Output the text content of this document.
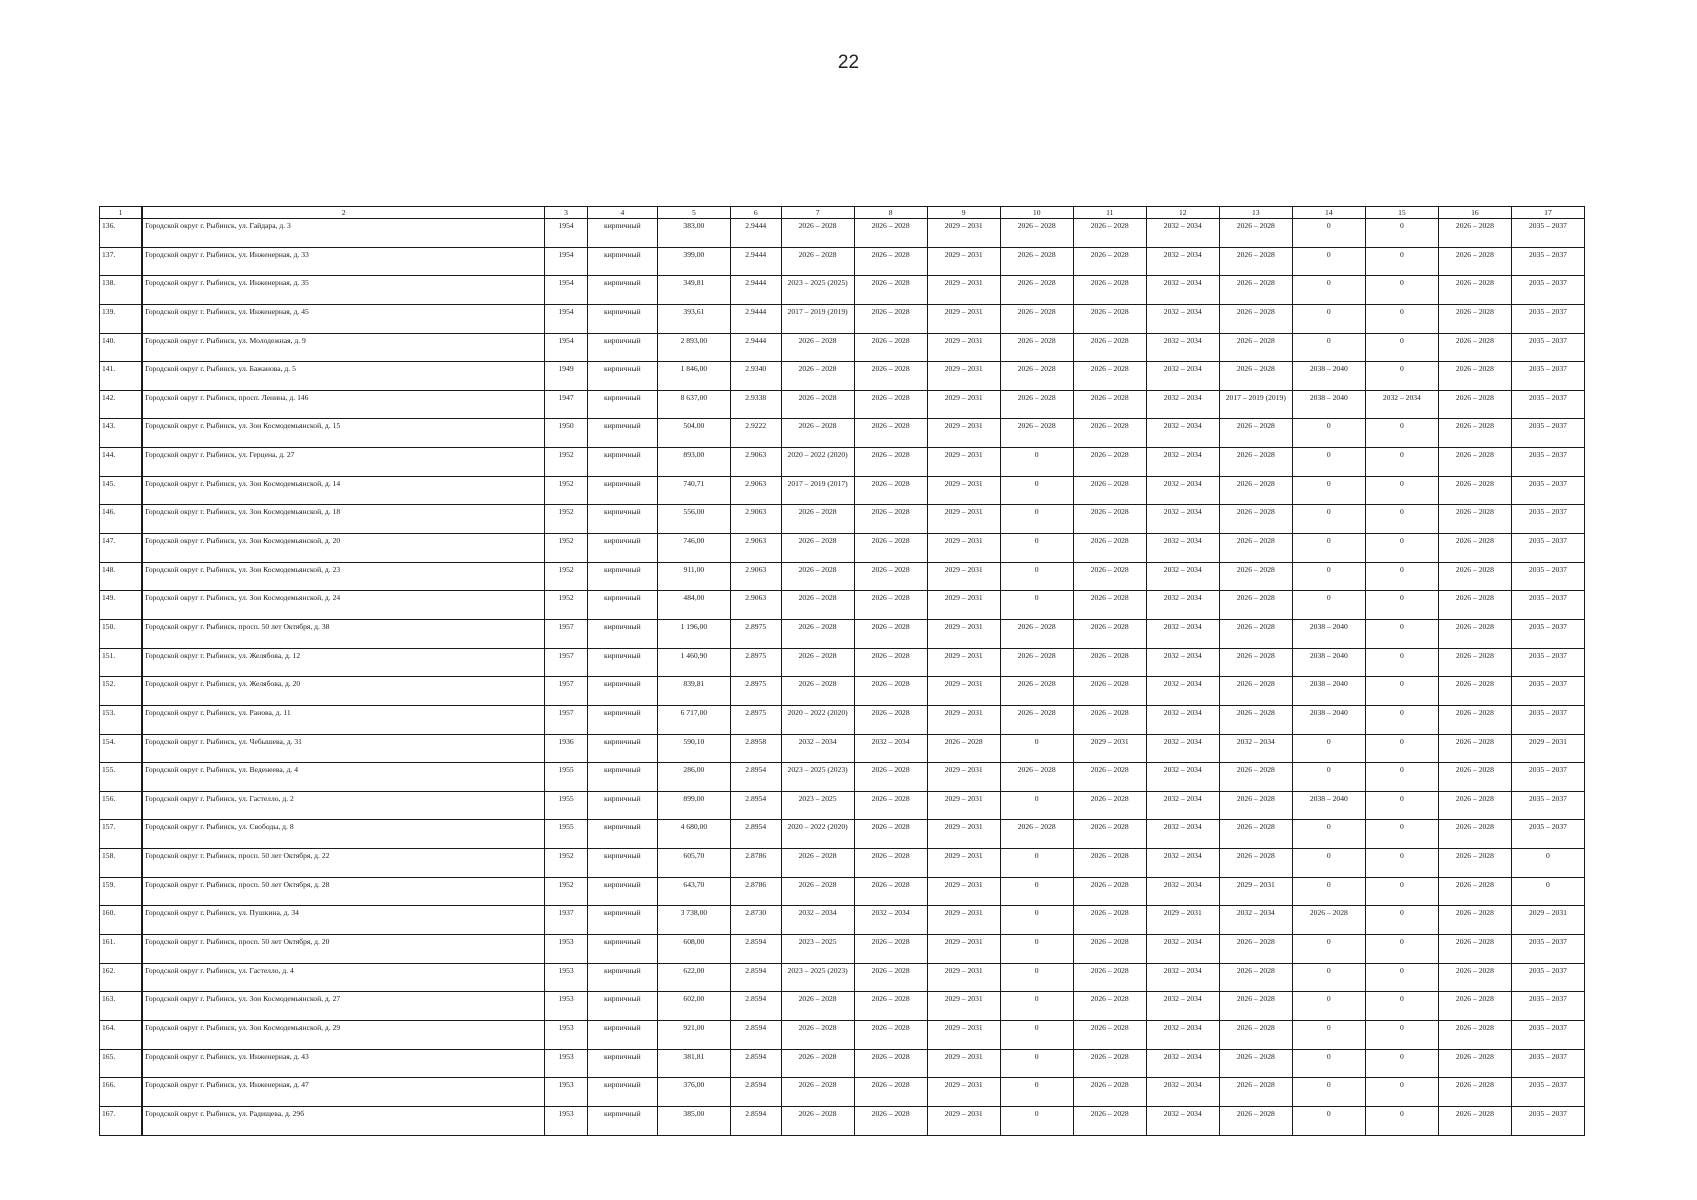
22
1	2	3	4	5	6	7	8	9	10	11	12	13	14	15	16	17
136.	Городской округ г. Рыбинск, ул. Гайдара, д. 3	1954	кирпичный	383,00	2.9444	2026 – 2028	2026 – 2028	2029 – 2031	2026 – 2028	2026 – 2028	2032 – 2034	2026 – 2028	0	0	2026 – 2028	2035 – 2037
137.	Городской округ г. Рыбинск, ул. Инженерная, д. 33	1954	кирпичный	399,00	2.9444	2026 – 2028	2026 – 2028	2029 – 2031	2026 – 2028	2026 – 2028	2032 – 2034	2026 – 2028	0	0	2026 – 2028	2035 – 2037
138.	Городской округ г. Рыбинск, ул. Инженерная, д. 35	1954	кирпичный	349,81	2.9444	2023 – 2025 (2025)	2026 – 2028	2029 – 2031	2026 – 2028	2026 – 2028	2032 – 2034	2026 – 2028	0	0	2026 – 2028	2035 – 2037
139.	Городской округ г. Рыбинск, ул. Инженерная, д. 45	1954	кирпичный	393,61	2.9444	2017 – 2019 (2019)	2026 – 2028	2029 – 2031	2026 – 2028	2026 – 2028	2032 – 2034	2026 – 2028	0	0	2026 – 2028	2035 – 2037
140.	Городской округ г. Рыбинск, ул. Молодежная, д. 9	1954	кирпичный	2 893,00	2.9444	2026 – 2028	2026 – 2028	2029 – 2031	2026 – 2028	2026 – 2028	2032 – 2034	2026 – 2028	0	0	2026 – 2028	2035 – 2037
141.	Городской округ г. Рыбинск, ул. Бажанова, д. 5	1949	кирпичный	1 846,00	2.9340	2026 – 2028	2026 – 2028	2029 – 2031	2026 – 2028	2026 – 2028	2032 – 2034	2026 – 2028	2038 – 2040	0	2026 – 2028	2035 – 2037
142.	Городской округ г. Рыбинск, просп. Ленина, д. 146	1947	кирпичный	8 637,00	2.9338	2026 – 2028	2026 – 2028	2029 – 2031	2026 – 2028	2026 – 2028	2032 – 2034	2017 – 2019 (2019)	2038 – 2040	2032 – 2034	2026 – 2028	2035 – 2037
143.	Городской округ г. Рыбинск, ул. Зои Космодемьянской, д. 15	1950	кирпичный	504,00	2.9222	2026 – 2028	2026 – 2028	2029 – 2031	2026 – 2028	2026 – 2028	2032 – 2034	2026 – 2028	0	0	2026 – 2028	2035 – 2037
144.	Городской округ г. Рыбинск, ул. Герцена, д. 27	1952	кирпичный	893,00	2.9063	2020 – 2022 (2020)	2026 – 2028	2029 – 2031	0	2026 – 2028	2032 – 2034	2026 – 2028	0	0	2026 – 2028	2035 – 2037
145.	Городской округ г. Рыбинск, ул. Зои Космодемьянской, д. 14	1952	кирпичный	740,71	2.9063	2017 – 2019 (2017)	2026 – 2028	2029 – 2031	0	2026 – 2028	2032 – 2034	2026 – 2028	0	0	2026 – 2028	2035 – 2037
146.	Городской округ г. Рыбинск, ул. Зои Космодемьянской, д. 18	1952	кирпичный	556,00	2.9063	2026 – 2028	2026 – 2028	2029 – 2031	0	2026 – 2028	2032 – 2034	2026 – 2028	0	0	2026 – 2028	2035 – 2037
147.	Городской округ г. Рыбинск, ул. Зои Космодемьянской, д. 20	1952	кирпичный	746,00	2.9063	2026 – 2028	2026 – 2028	2029 – 2031	0	2026 – 2028	2032 – 2034	2026 – 2028	0	0	2026 – 2028	2035 – 2037
148.	Городской округ г. Рыбинск, ул. Зои Космодемьянской, д. 23	1952	кирпичный	911,00	2.9063	2026 – 2028	2026 – 2028	2029 – 2031	0	2026 – 2028	2032 – 2034	2026 – 2028	0	0	2026 – 2028	2035 – 2037
149.	Городской округ г. Рыбинск, ул. Зои Космодемьянской, д. 24	1952	кирпичный	484,00	2.9063	2026 – 2028	2026 – 2028	2029 – 2031	0	2026 – 2028	2032 – 2034	2026 – 2028	0	0	2026 – 2028	2035 – 2037
150.	Городской округ г. Рыбинск, просп. 50 лет Октября, д. 38	1957	кирпичный	1 196,00	2.8975	2026 – 2028	2026 – 2028	2029 – 2031	2026 – 2028	2026 – 2028	2032 – 2034	2026 – 2028	2038 – 2040	0	2026 – 2028	2035 – 2037
151.	Городской округ г. Рыбинск, ул. Желябова, д. 12	1957	кирпичный	1 460,90	2.8975	2026 – 2028	2026 – 2028	2029 – 2031	2026 – 2028	2026 – 2028	2032 – 2034	2026 – 2028	2038 – 2040	0	2026 – 2028	2035 – 2037
152.	Городской округ г. Рыбинск, ул. Желябова, д. 20	1957	кирпичный	839,81	2.8975	2026 – 2028	2026 – 2028	2029 – 2031	2026 – 2028	2026 – 2028	2032 – 2034	2026 – 2028	2038 – 2040	0	2026 – 2028	2035 – 2037
153.	Городской округ г. Рыбинск, ул. Ранова, д. 11	1957	кирпичный	6 717,00	2.8975	2020 – 2022 (2020)	2026 – 2028	2029 – 2031	2026 – 2028	2026 – 2028	2032 – 2034	2026 – 2028	2038 – 2040	0	2026 – 2028	2035 – 2037
154.	Городской округ г. Рыбинск, ул. Чебышева, д. 31	1936	кирпичный	590,10	2.8958	2032 – 2034	2032 – 2034	2026 – 2028	0	2029 – 2031	2032 – 2034	2032 – 2034	0	0	2026 – 2028	2029 – 2031
155.	Городской округ г. Рыбинск, ул. Веденеева, д. 4	1955	кирпичный	286,00	2.8954	2023 – 2025 (2023)	2026 – 2028	2029 – 2031	2026 – 2028	2026 – 2028	2032 – 2034	2026 – 2028	0	0	2026 – 2028	2035 – 2037
156.	Городской округ г. Рыбинск, ул. Гастелло, д. 2	1955	кирпичный	899,00	2.8954	2023 – 2025	2026 – 2028	2029 – 2031	0	2026 – 2028	2032 – 2034	2026 – 2028	2038 – 2040	0	2026 – 2028	2035 – 2037
157.	Городской округ г. Рыбинск, ул. Свободы, д. 8	1955	кирпичный	4 680,00	2.8954	2020 – 2022 (2020)	2026 – 2028	2029 – 2031	2026 – 2028	2026 – 2028	2032 – 2034	2026 – 2028	0	0	2026 – 2028	2035 – 2037
158.	Городской округ г. Рыбинск, просп. 50 лет Октября, д. 22	1952	кирпичный	605,70	2.8786	2026 – 2028	2026 – 2028	2029 – 2031	0	2026 – 2028	2032 – 2034	2026 – 2028	0	0	2026 – 2028	0
159.	Городской округ г. Рыбинск, просп. 50 лет Октября, д. 28	1952	кирпичный	643,70	2.8786	2026 – 2028	2026 – 2028	2029 – 2031	0	2026 – 2028	2032 – 2034	2029 – 2031	0	0	2026 – 2028	0
160.	Городской округ г. Рыбинск, ул. Пушкина, д. 34	1937	кирпичный	3 738,00	2.8730	2032 – 2034	2032 – 2034	2029 – 2031	0	2026 – 2028	2029 – 2031	2032 – 2034	2026 – 2028	0	2026 – 2028	2029 – 2031
161.	Городской округ г. Рыбинск, просп. 50 лет Октября, д. 20	1953	кирпичный	608,00	2.8594	2023 – 2025	2026 – 2028	2029 – 2031	0	2026 – 2028	2032 – 2034	2026 – 2028	0	0	2026 – 2028	2035 – 2037
162.	Городской округ г. Рыбинск, ул. Гастелло, д. 4	1953	кирпичный	622,00	2.8594	2023 – 2025 (2023)	2026 – 2028	2029 – 2031	0	2026 – 2028	2032 – 2034	2026 – 2028	0	0	2026 – 2028	2035 – 2037
163.	Городской округ г. Рыбинск, ул. Зои Космодемьянской, д. 27	1953	кирпичный	602,00	2.8594	2026 – 2028	2026 – 2028	2029 – 2031	0	2026 – 2028	2032 – 2034	2026 – 2028	0	0	2026 – 2028	2035 – 2037
164.	Городской округ г. Рыбинск, ул. Зои Космодемьянской, д. 29	1953	кирпичный	921,00	2.8594	2026 – 2028	2026 – 2028	2029 – 2031	0	2026 – 2028	2032 – 2034	2026 – 2028	0	0	2026 – 2028	2035 – 2037
165.	Городской округ г. Рыбинск, ул. Инженерная, д. 43	1953	кирпичный	381,81	2.8594	2026 – 2028	2026 – 2028	2029 – 2031	0	2026 – 2028	2032 – 2034	2026 – 2028	0	0	2026 – 2028	2035 – 2037
166.	Городской округ г. Рыбинск, ул. Инженерная, д. 47	1953	кирпичный	376,00	2.8594	2026 – 2028	2026 – 2028	2029 – 2031	0	2026 – 2028	2032 – 2034	2026 – 2028	0	0	2026 – 2028	2035 – 2037
167.	Городской округ г. Рыбинск, ул. Радищева, д. 29б	1953	кирпичный	385,00	2.8594	2026 – 2028	2026 – 2028	2029 – 2031	0	2026 – 2028	2032 – 2034	2026 – 2028	0	0	2026 – 2028	2035 – 2037
